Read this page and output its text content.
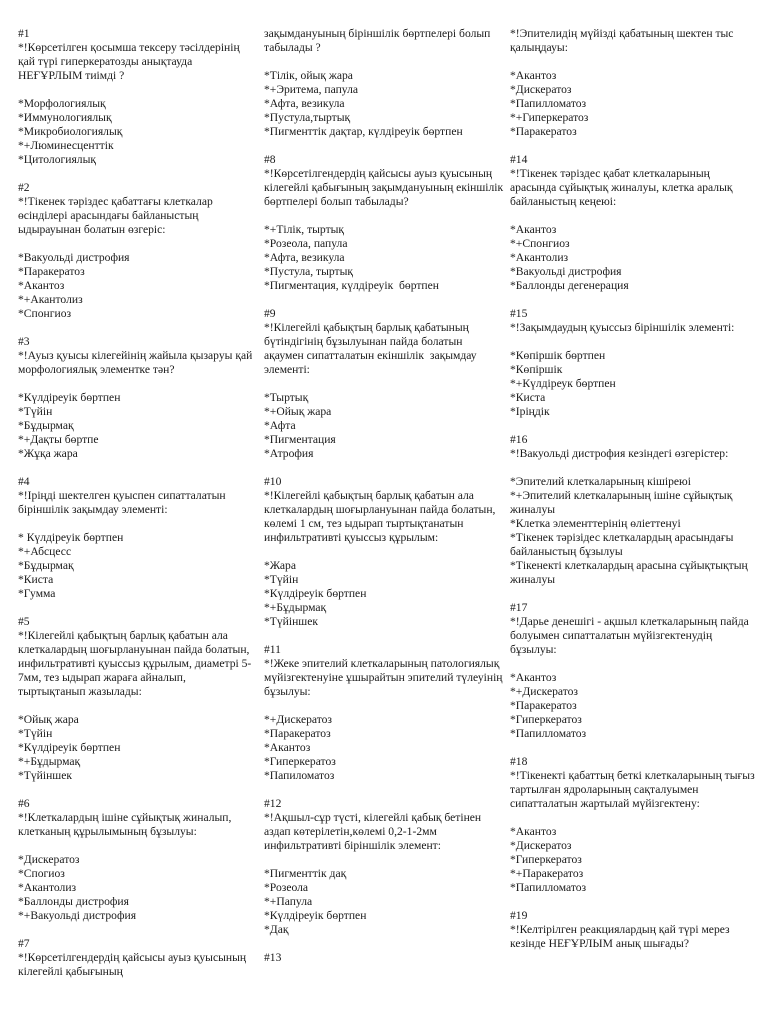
#1
*!Көрсетілген қосымша тексеру тәсілдерінің қай түрі гиперкератозды анықтауда НЕҒҰРЛЫМ тиімді ?
*Морфологиялық
*Иммунологиялық
*Микробиологиялық
*+Люминесценттік
*Цитологиялық
#2
*!Тікенек тәріздес қабаттағы клеткалар өсінділері арасындағы байланыстың ыдырауынан болатын өзгеріс:
*Вакуольді дистрофия
*Паракератоз
*Акантоз
*+Акантолиз
*Спонгиоз
#3
*!Ауыз қуысы кілегейінің жайыла қызаруы қай морфологиялық элементке тән?
*Күлдіреуік бөртпен
*Түйін
*Бұдырмақ
*+Дақты бөртпе
*Жұқа жара
#4
*!Іріңді шектелген қуыспен сипатталатын біріншілік зақымдау элементі:
* Күлдіреуік бөртпен
*+Абсцесс
*Бұдырмақ
*Киста
*Гумма
#5
*!Кілегейлі қабықтың барлық қабатын ала клеткалардың шоғырлануынан пайда болатын, инфильтративті қуыссыз құрылым, диаметрі 5-7мм, тез ыдырап жараға айналып, тыртықтанып жазылады:
*Ойық жара
*Түйін
*Күлдіреуік бөртпен
*+Бұдырмақ
*Түйіншек
#6
*!Клеткалардың ішіне сұйықтық жиналып, клетканың құрылымының бұзылуы:
*Дискератоз
*Спогиоз
*Акантолиз
*Баллонды дистрофия
*+Вакуольді дистрофия
#7
*!Көрсетілгендердің қайсысы ауыз қуысының кілегейлі қабығының
зақымдануының біріншілік бөртпелері болып табылады ?
*Тілік, ойық жара
*+Эритема, папула
*Афта, везикула
*Пустула,тыртық
*Пигменттік дақтар, күлдіреуік бөртпен
#8
*!Көрсетілгендердің қайсысы ауыз қуысының кілегейлі қабығының зақымдануының екіншілік бөртпелері болып табылады?
*+Тілік, тыртық
*Розеола, папула
*Афта, везикула
*Пустула, тыртық
*Пигментация, күлдіреуік  бөртпен
#9
*!Кілегейлі қабықтың барлық қабатының бүтіндігінің бұзылуынан пайда болатын ақаумен сипатталатын екіншілік  зақымдау элементі:
*Тыртық
*+Ойық жара
*Афта
*Пигментация
*Атрофия
#10
*!Кілегейлі қабықтың барлық қабатын ала клеткалардың шоғырлануынан пайда болатын, көлемі 1 см, тез ыдырап тыртықтанатын инфильтративті қуыссыз құрылым:
*Жара
*Түйін
*Күлдіреуік бөртпен
*+Бұдырмақ
*Түйіншек
#11
*!Жеке эпителий клеткаларының патологиялық мүйізгектенуіне ұшырайтын эпителий түлеуінің бұзылуы:
*+Дискератоз
*Паракератоз
*Акантоз
*Гиперкератоз
*Папиломатоз
#12
*!Ақшыл-сұр түсті, кілегейлі қабық бетінен аздап көтерілетін,көлемі 0,2-1-2мм инфильтративті біріншілік элемент:
*Пигменттік дақ
*Розеола
*+Папула
*Күлдіреуік бөртпен
*Дақ
#13
*!Эпителидің мүйізді қабатының шектен тыс қалыңдауы:
*Акантоз
*Дискератоз
*Папилломатоз
*+Гиперкератоз
*Паракератоз
#14
*!Тікенек тәріздес қабат клеткаларының арасында сұйықтық жиналуы, клетка аралық байланыстың кеңеюі:
*Акантоз
*+Спонгиоз
*Акантолиз
*Вакуольді дистрофия
*Баллонды дегенерация
#15
*!Зақымдаудың қуыссыз біріншілік элементі:
*Көпіршік бөртпен
*Көпіршік
*+Күлдіреук бөртпен
*Киста
*Іріңдік
#16
*!Вакуольді дистрофия кезіндегі өзгерістер:
*Эпителий клеткаларының кішіреюі
*+Эпителий клеткаларының ішіне сұйықтық жиналуы
*Клетка элементтерінің өліеттенуі
*Тікенек тәрізідес клеткалардың арасындағы байланыстың бұзылуы
*Тікенекті клеткалардың арасына сұйықтықтың жиналуы
#17
*!Дарье денешігі - ақшыл клеткаларының пайда болуымен сипатталатын мүйізгектенудің бұзылуы:
*Акантоз
*+Дискератоз
*Паракератоз
*Гиперкератоз
*Папилломатоз
#18
*!Тікенекті қабаттың беткі клеткаларының тығыз тартылған ядроларының сақталуымен сипатталатын жартылай мүйізгектену:
*Акантоз
*Дискератоз
*Гиперкератоз
*+Паракератоз
*Папилломатоз
#19
*!Келтірілген реакциялардың қай түрі мерез кезінде НЕҒҰРЛЫМ анық шығады?
